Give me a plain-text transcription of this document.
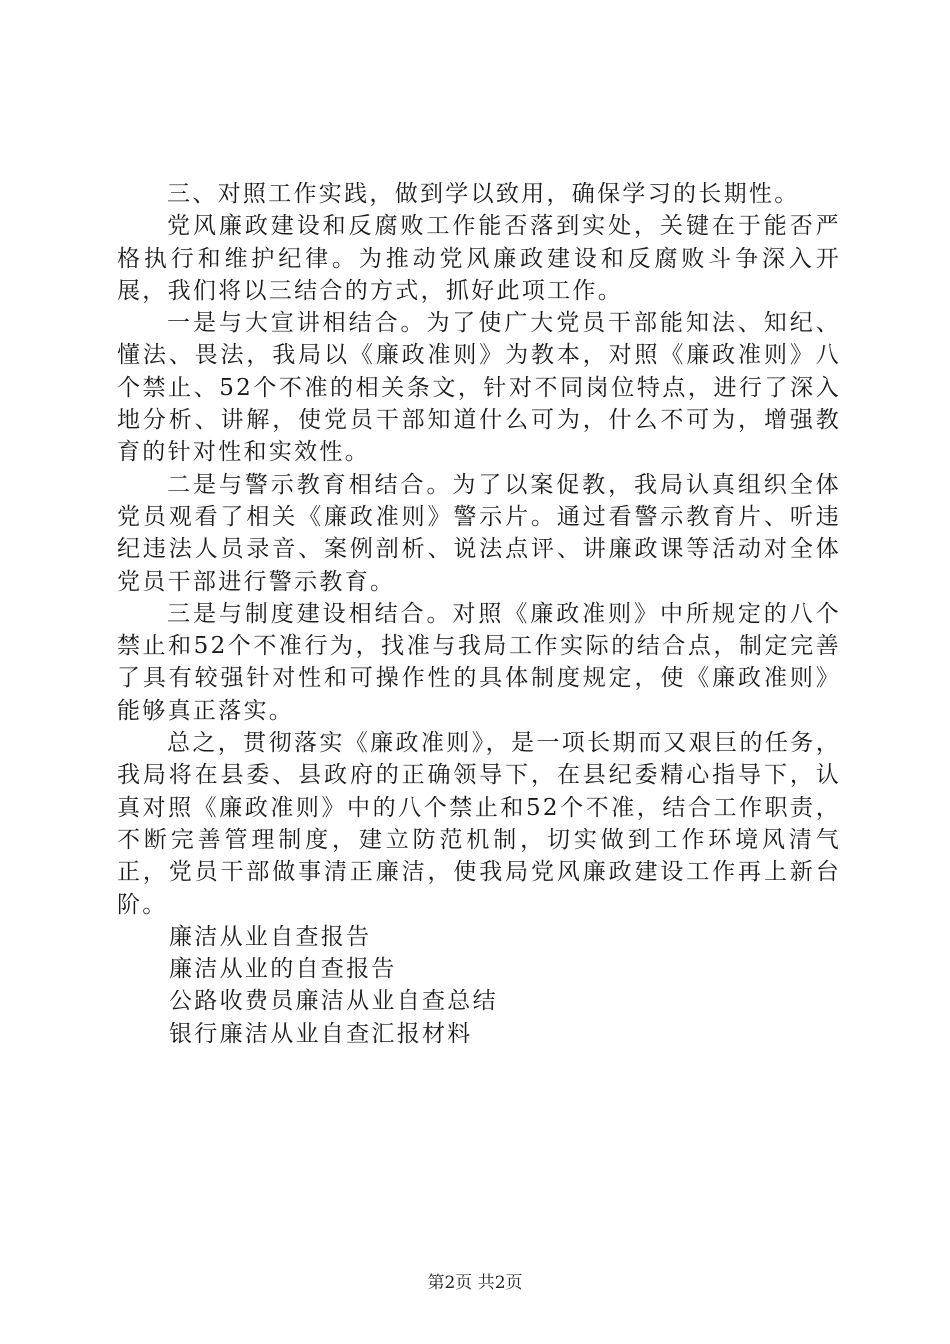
三、对照工作实践，做到学以致用，确保学习的长期性。

党风廉政建设和反腐败工作能否落到实处，关键在于能否严格执行和维护纪律。为推动党风廉政建设和反腐败斗争深入开展，我们将以三结合的方式，抓好此项工作。

一是与大宣讲相结合。为了使广大党员干部能知法、知纪、懂法、畏法，我局以《廉政准则》为教本，对照《廉政准则》八个禁止、52个不准的相关条文，针对不同岗位特点，进行了深入地分析、讲解，使党员干部知道什么可为，什么不可为，增强教育的针对性和实效性。

二是与警示教育相结合。为了以案促教，我局认真组织全体党员观看了相关《廉政准则》警示片。通过看警示教育片、听违纪违法人员录音、案例剖析、说法点评、讲廉政课等活动对全体党员干部进行警示教育。

三是与制度建设相结合。对照《廉政准则》中所规定的八个禁止和52个不准行为，找准与我局工作实际的结合点，制定完善了具有较强针对性和可操作性的具体制度规定，使《廉政准则》能够真正落实。

总之，贯彻落实《廉政准则》，是一项长期而又艰巨的任务，我局将在县委、县政府的正确领导下，在县纪委精心指导下，认真对照《廉政准则》中的八个禁止和52个不准，结合工作职责，不断完善管理制度，建立防范机制，切实做到工作环境风清气正，党员干部做事清正廉洁，使我局党风廉政建设工作再上新台阶。

廉洁从业自查报告
廉洁从业的自查报告
公路收费员廉洁从业自查总结
银行廉洁从业自查汇报材料
第2页 共2页
